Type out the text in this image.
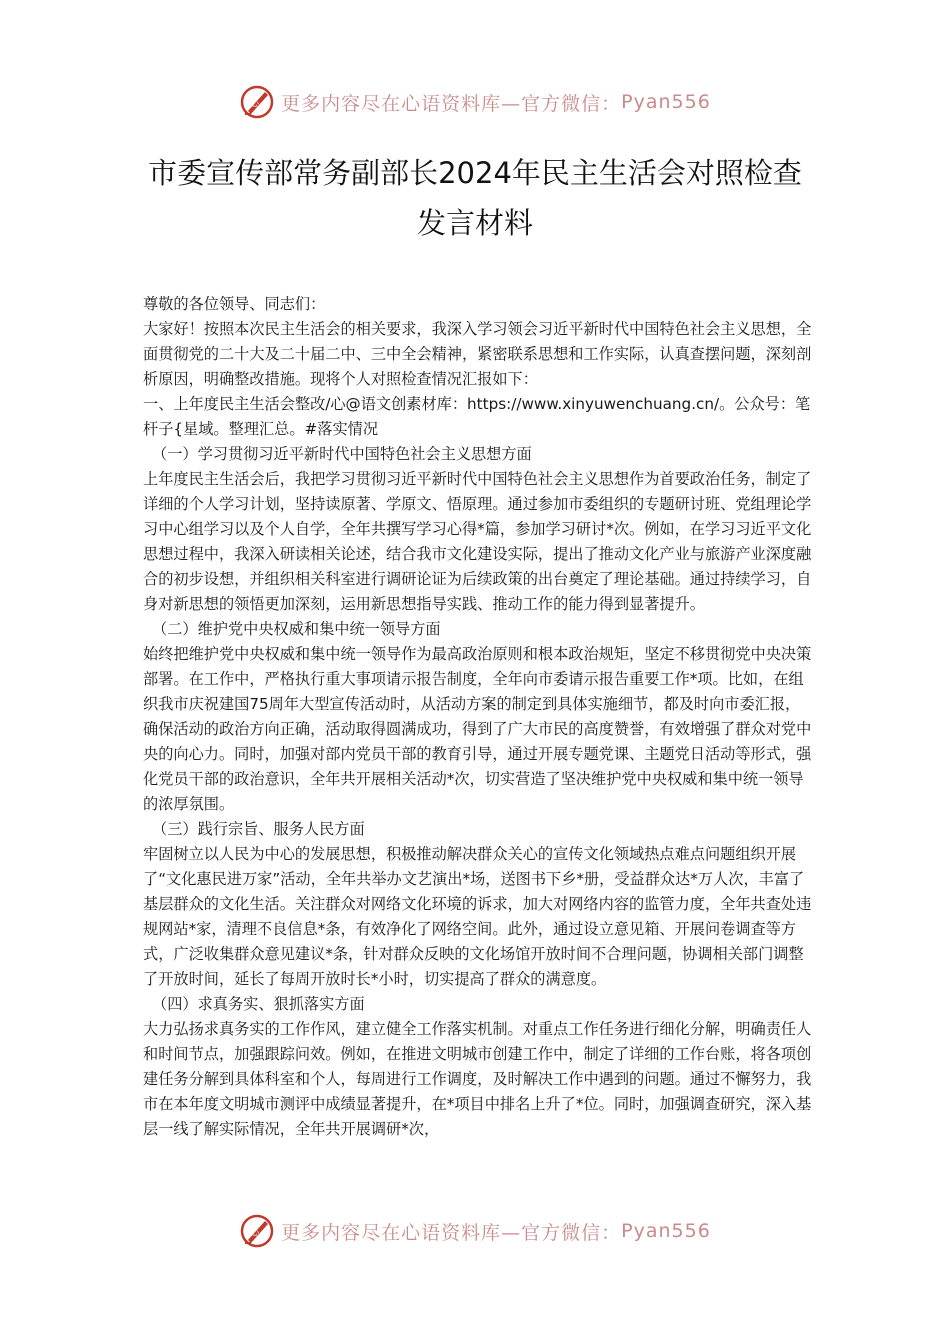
心 更多内容尽在心语资料库—官方微信： Pyan556
市委宣传部常务副部长2024年民主生活会对照检查
发言材料

尊敬的各位领导、同志们：

大家好！按照本次民主生活会的相关要求，我深入学习领会习近平新时代中国特色社会主义思想，全面贯彻党的二十大及二十届二中、三中全会精神，紧密联系思想和工作实际，认真查摆问题，深刻剖析原因，明确整改措施。现将个人对照检查情况汇报如下：

一、上年度民主生活会整改/心@语文创素材库：https://www.xinyuwenchuang.cn/。公众号：笔杆子{星域。整理汇总。#落实情况

（一）学习贯彻习近平新时代中国特色社会主义思想方面

上年度民主生活会后，我把学习贯彻习近平新时代中国特色社会主义思想作为首要政治任务，制定了详细的个人学习计划，坚持读原著、学原文、悟原理。通过参加市委组织的专题研讨班、党组理论学习中心组学习以及个人自学，全年共撰写学习心得*篇，参加学习研讨*次。例如，在学习习近平文化思想过程中，我深入研读相关论述，结合我市文化建设实际，提出了推动文化产业与旅游产业深度融合的初步设想，并组织相关科室进行调研论证为后续政策的出台奠定了理论基础。通过持续学习，自身对新思想的领悟更加深刻，运用新思想指导实践、推动工作的能力得到显著提升。

（二）维护党中央权威和集中统一领导方面

始终把维护党中央权威和集中统一领导作为最高政治原则和根本政治规矩，坚定不移贯彻党中央决策部署。在工作中，严格执行重大事项请示报告制度，全年向市委请示报告重要工作*项。比如，在组织我市庆祝建国75周年大型宣传活动时，从活动方案的制定到具体实施细节，都及时向市委汇报，确保活动的政治方向正确，活动取得圆满成功，得到了广大市民的高度赞誉，有效增强了群众对党中央的向心力。同时，加强对部内党员干部的教育引导，通过开展专题党课、主题党日活动等形式，强化党员干部的政治意识，全年共开展相关活动*次，切实营造了坚决维护党中央权威和集中统一领导的浓厚氛围。

（三）践行宗旨、服务人民方面

牢固树立以人民为中心的发展思想，积极推动解决群众关心的宣传文化领域热点难点问题组织开展了“文化惠民进万家”活动，全年共举办文艺演出*场，送图书下乡*册，受益群众达*万人次，丰富了基层群众的文化生活。关注群众对网络文化环境的诉求，加大对网络内容的监管力度，全年共查处违规网站*家，清理不良信息*条，有效净化了网络空间。此外，通过设立意见箱、开展问卷调查等方式，广泛收集群众意见建议*条，针对群众反映的文化场馆开放时间不合理问题，协调相关部门调整了开放时间，延长了每周开放时长*小时，切实提高了群众的满意度。

（四）求真务实、狠抓落实方面

大力弘扬求真务实的工作作风，建立健全工作落实机制。对重点工作任务进行细化分解，明确责任人和时间节点，加强跟踪问效。例如，在推进文明城市创建工作中，制定了详细的工作台账，将各项创建任务分解到具体科室和个人，每周进行工作调度，及时解决工作中遇到的问题。通过不懈努力，我市在本年度文明城市测评中成绩显著提升，在*项目中排名上升了*位。同时，加强调查研究，深入基层一线了解实际情况，全年共开展调研*次，

心 更多内容尽在心语资料库—官方微信： Pyan556
